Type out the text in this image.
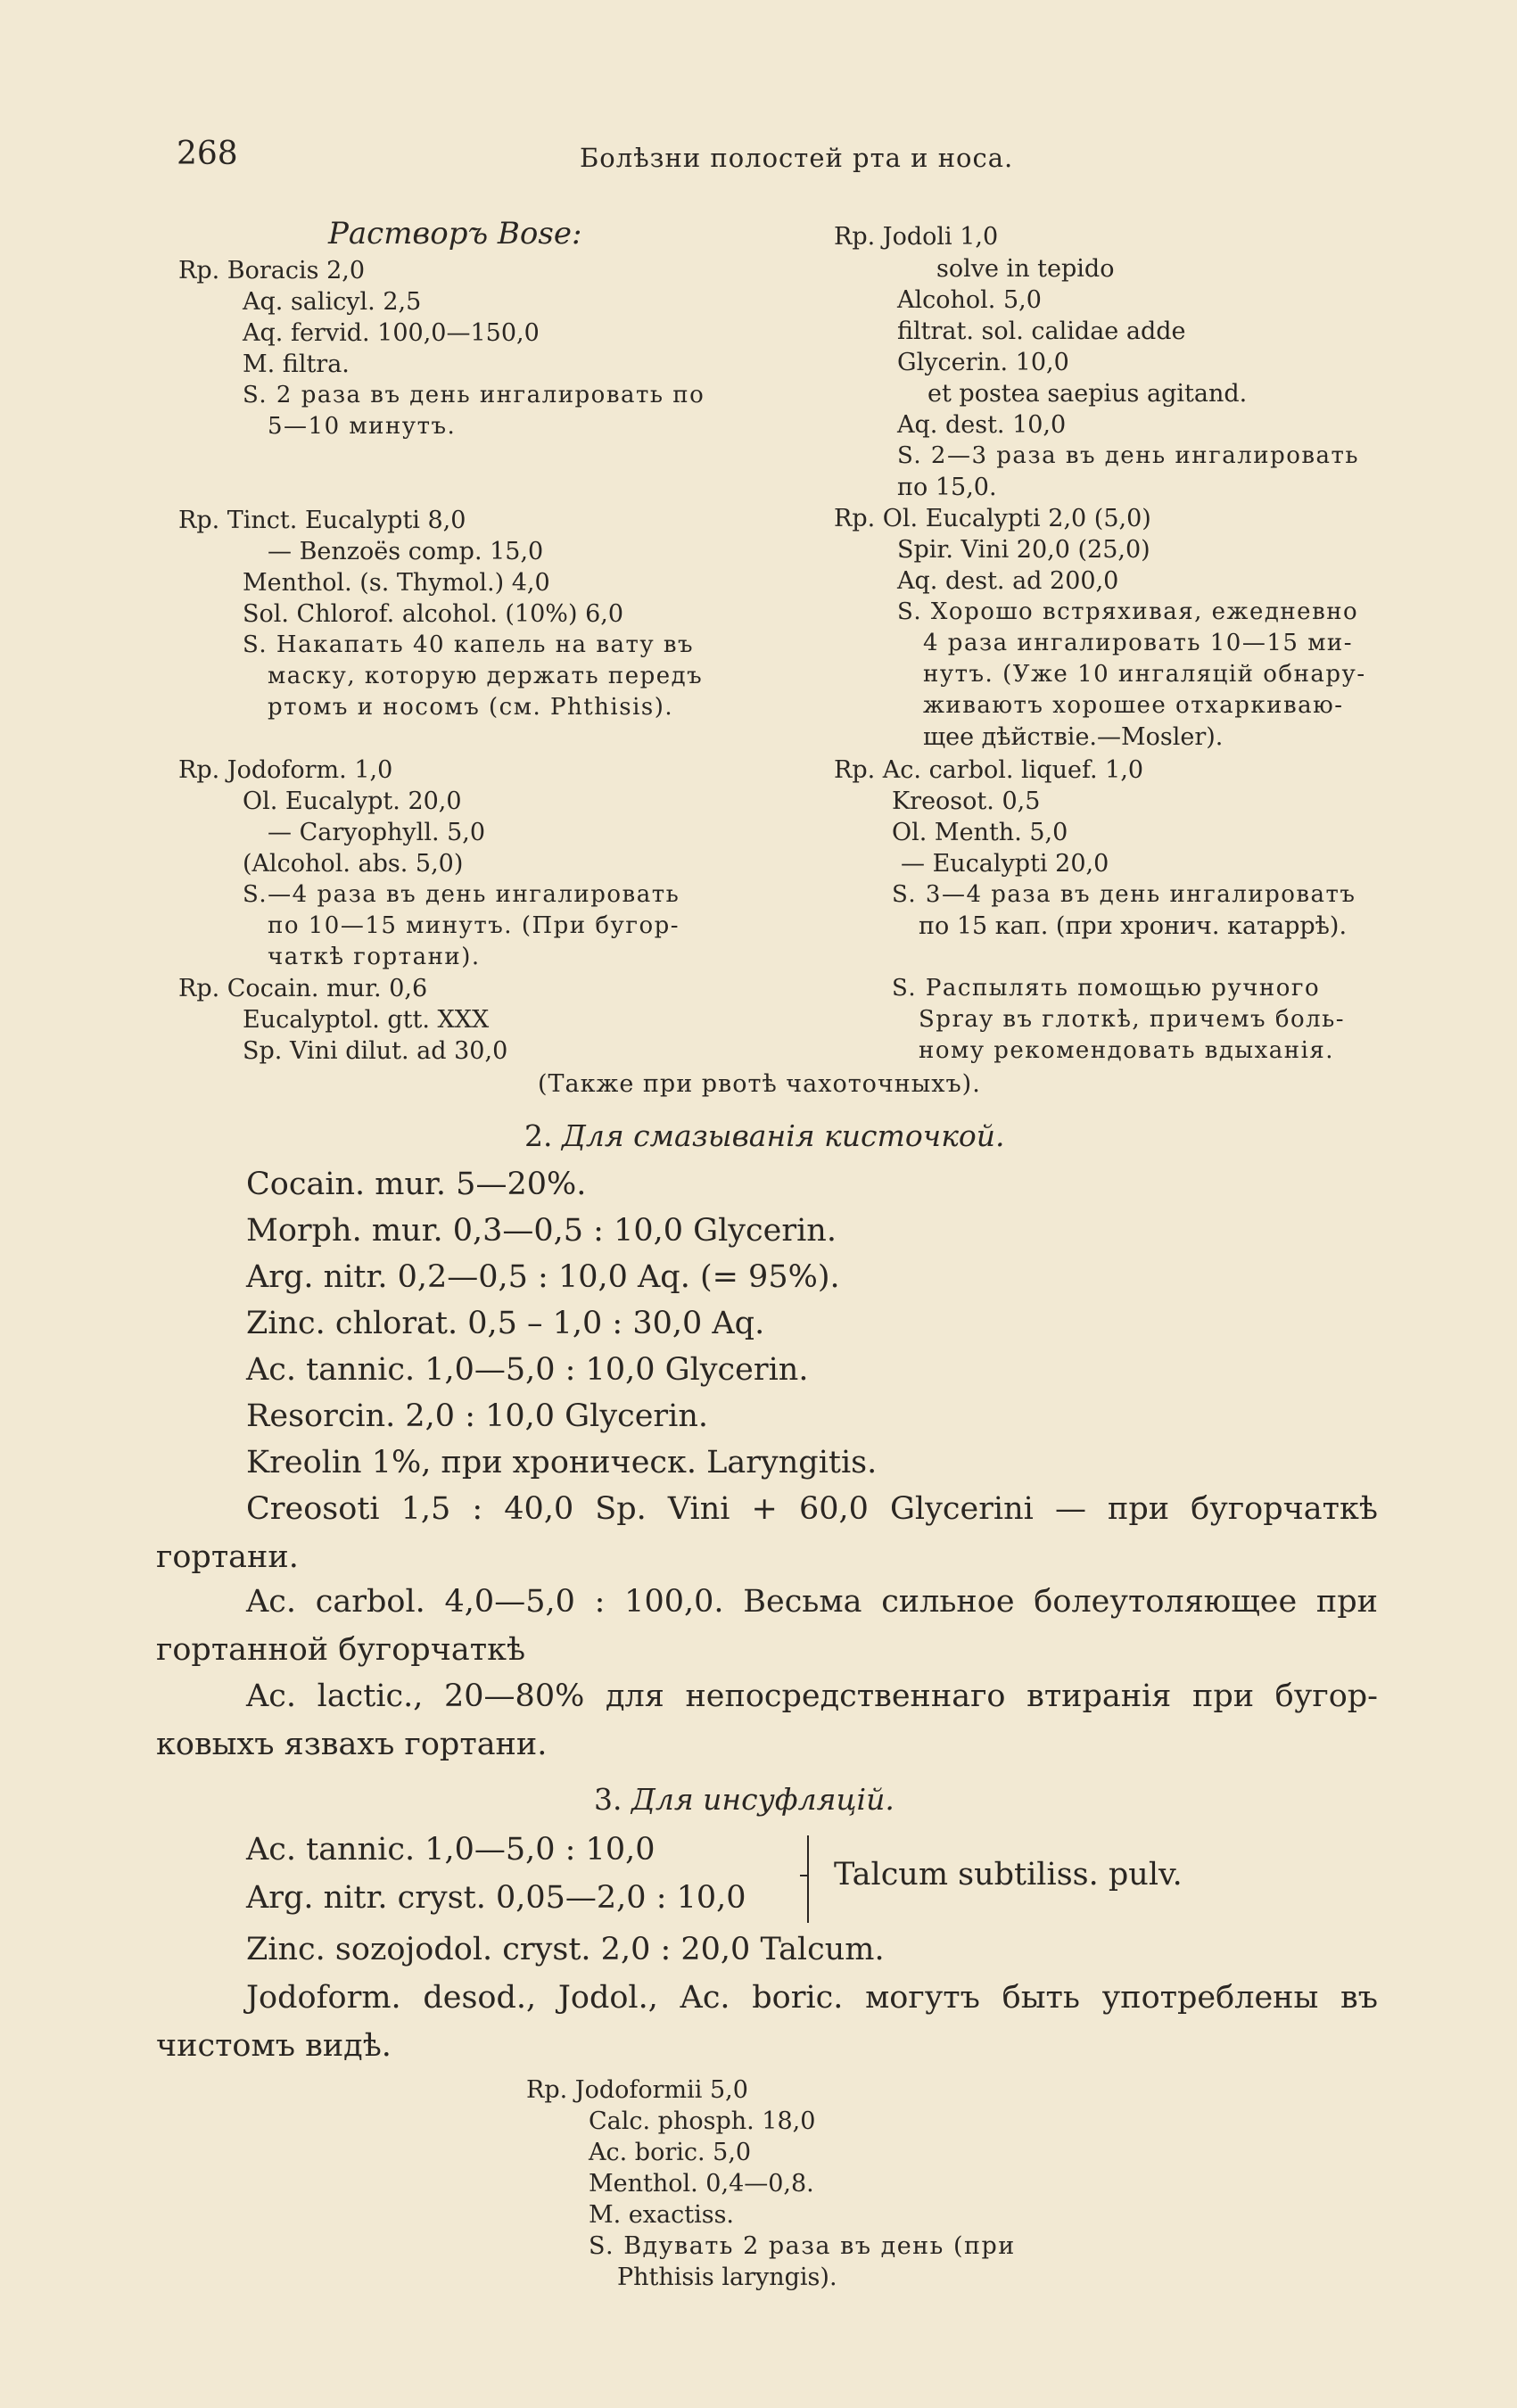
268	Болѣзни полостей рта и носа.
Растворъ Bose:
Rp. Boracis 2,0
Aq. salicyl. 2,5
Aq. fervid. 100,0—150,0
M. filtra.
S. 2 раза въ день ингалировать по
5—10 минутъ.
Rp. Tinct. Eucalypti 8,0
— Benzoës comp. 15,0
Menthol. (s. Thymol.) 4,0
Sol. Chlorof. alcohol. (10%) 6,0
S. Накапать 40 капель на вату въ
маску, которую держать передъ
ртомъ и носомъ (см. Phthisis).
Rp. Jodoform. 1,0
Ol. Eucalypt. 20,0
— Caryophyll. 5,0
(Alcohol. abs. 5,0)
S.—4 раза въ день ингалировать
по 10—15 минутъ. (При бугор-
чаткѣ гортани).
Rp. Cocain. mur. 0,6
Eucalyptol. gtt. XXX
Sp. Vini dilut. ad 30,0
Rp. Jodoli 1,0
solve in tepido
Alcohol. 5,0
filtrat. sol. calidae adde
Glycerin. 10,0
et postea saepius agitand.
Aq. dest. 10,0
S. 2—3 раза въ день ингалировать
по 15,0.
Rp. Ol. Eucalypti 2,0 (5,0)
Spir. Vini 20,0 (25,0)
Aq. dest. ad 200,0
S. Хорошо встряхивая, ежедневно
4 раза ингалировать 10—15 ми-
нутъ. (Уже 10 ингаляцій обнару-
живаютъ хорошее отхаркиваю-
щее дѣйствіе.—Mosler).
Rp. Ac. carbol. liquef. 1,0
Kreosot. 0,5
Ol. Menth. 5,0
— Eucalypti 20,0
S. 3—4 раза въ день ингалироватъ
по 15 кап. (при хронич. катаррѣ).
S. Распылять помощью ручного
Spray въ глоткѣ, причемъ боль-
ному рекомендовать вдыханія.
(Также при рвотѣ чахоточныхъ).
2. Для смазыванія кисточкой.
Cocain. mur. 5—20%.
Morph. mur. 0,3—0,5 : 10,0 Glycerin.
Arg. nitr. 0,2—0,5 : 10,0 Aq. (= 95%).
Zinc. chlorat. 0,5 – 1,0 : 30,0 Aq.
Ac. tannic. 1,0—5,0 : 10,0 Glycerin.
Resorcin. 2,0 : 10,0 Glycerin.
Kreolin 1%, при хроническ. Laryngitis.
Creosoti 1,5 : 40,0 Sp. Vini + 60,0 Glycerini — при бугорчаткѣ
гортани.
Ac. carbol. 4,0—5,0 : 100,0. Весьма сильное болеутоляющее при
гортанной бугорчаткѣ
Ac. lactic., 20—80% для непосредственнаго втиранія при бугор-
ковыхъ язвахъ гортани.
3. Для инсуфляцій.
Ac. tannic. 1,0—5,0 : 10,0
Arg. nitr. cryst. 0,05—2,0 : 10,0
Talcum subtiliss. pulv.
Zinc. sozojodol. cryst. 2,0 : 20,0 Talcum.
Jodoform. desod., Jodol., Ac. boric. могутъ быть употреблены въ
чистомъ видѣ.
Rp. Jodoformii 5,0
Calc. phosph. 18,0
Ac. boric. 5,0
Menthol. 0,4—0,8.
M. exactiss.
S. Вдувать 2 раза въ день (при
Phthisis laryngis).
